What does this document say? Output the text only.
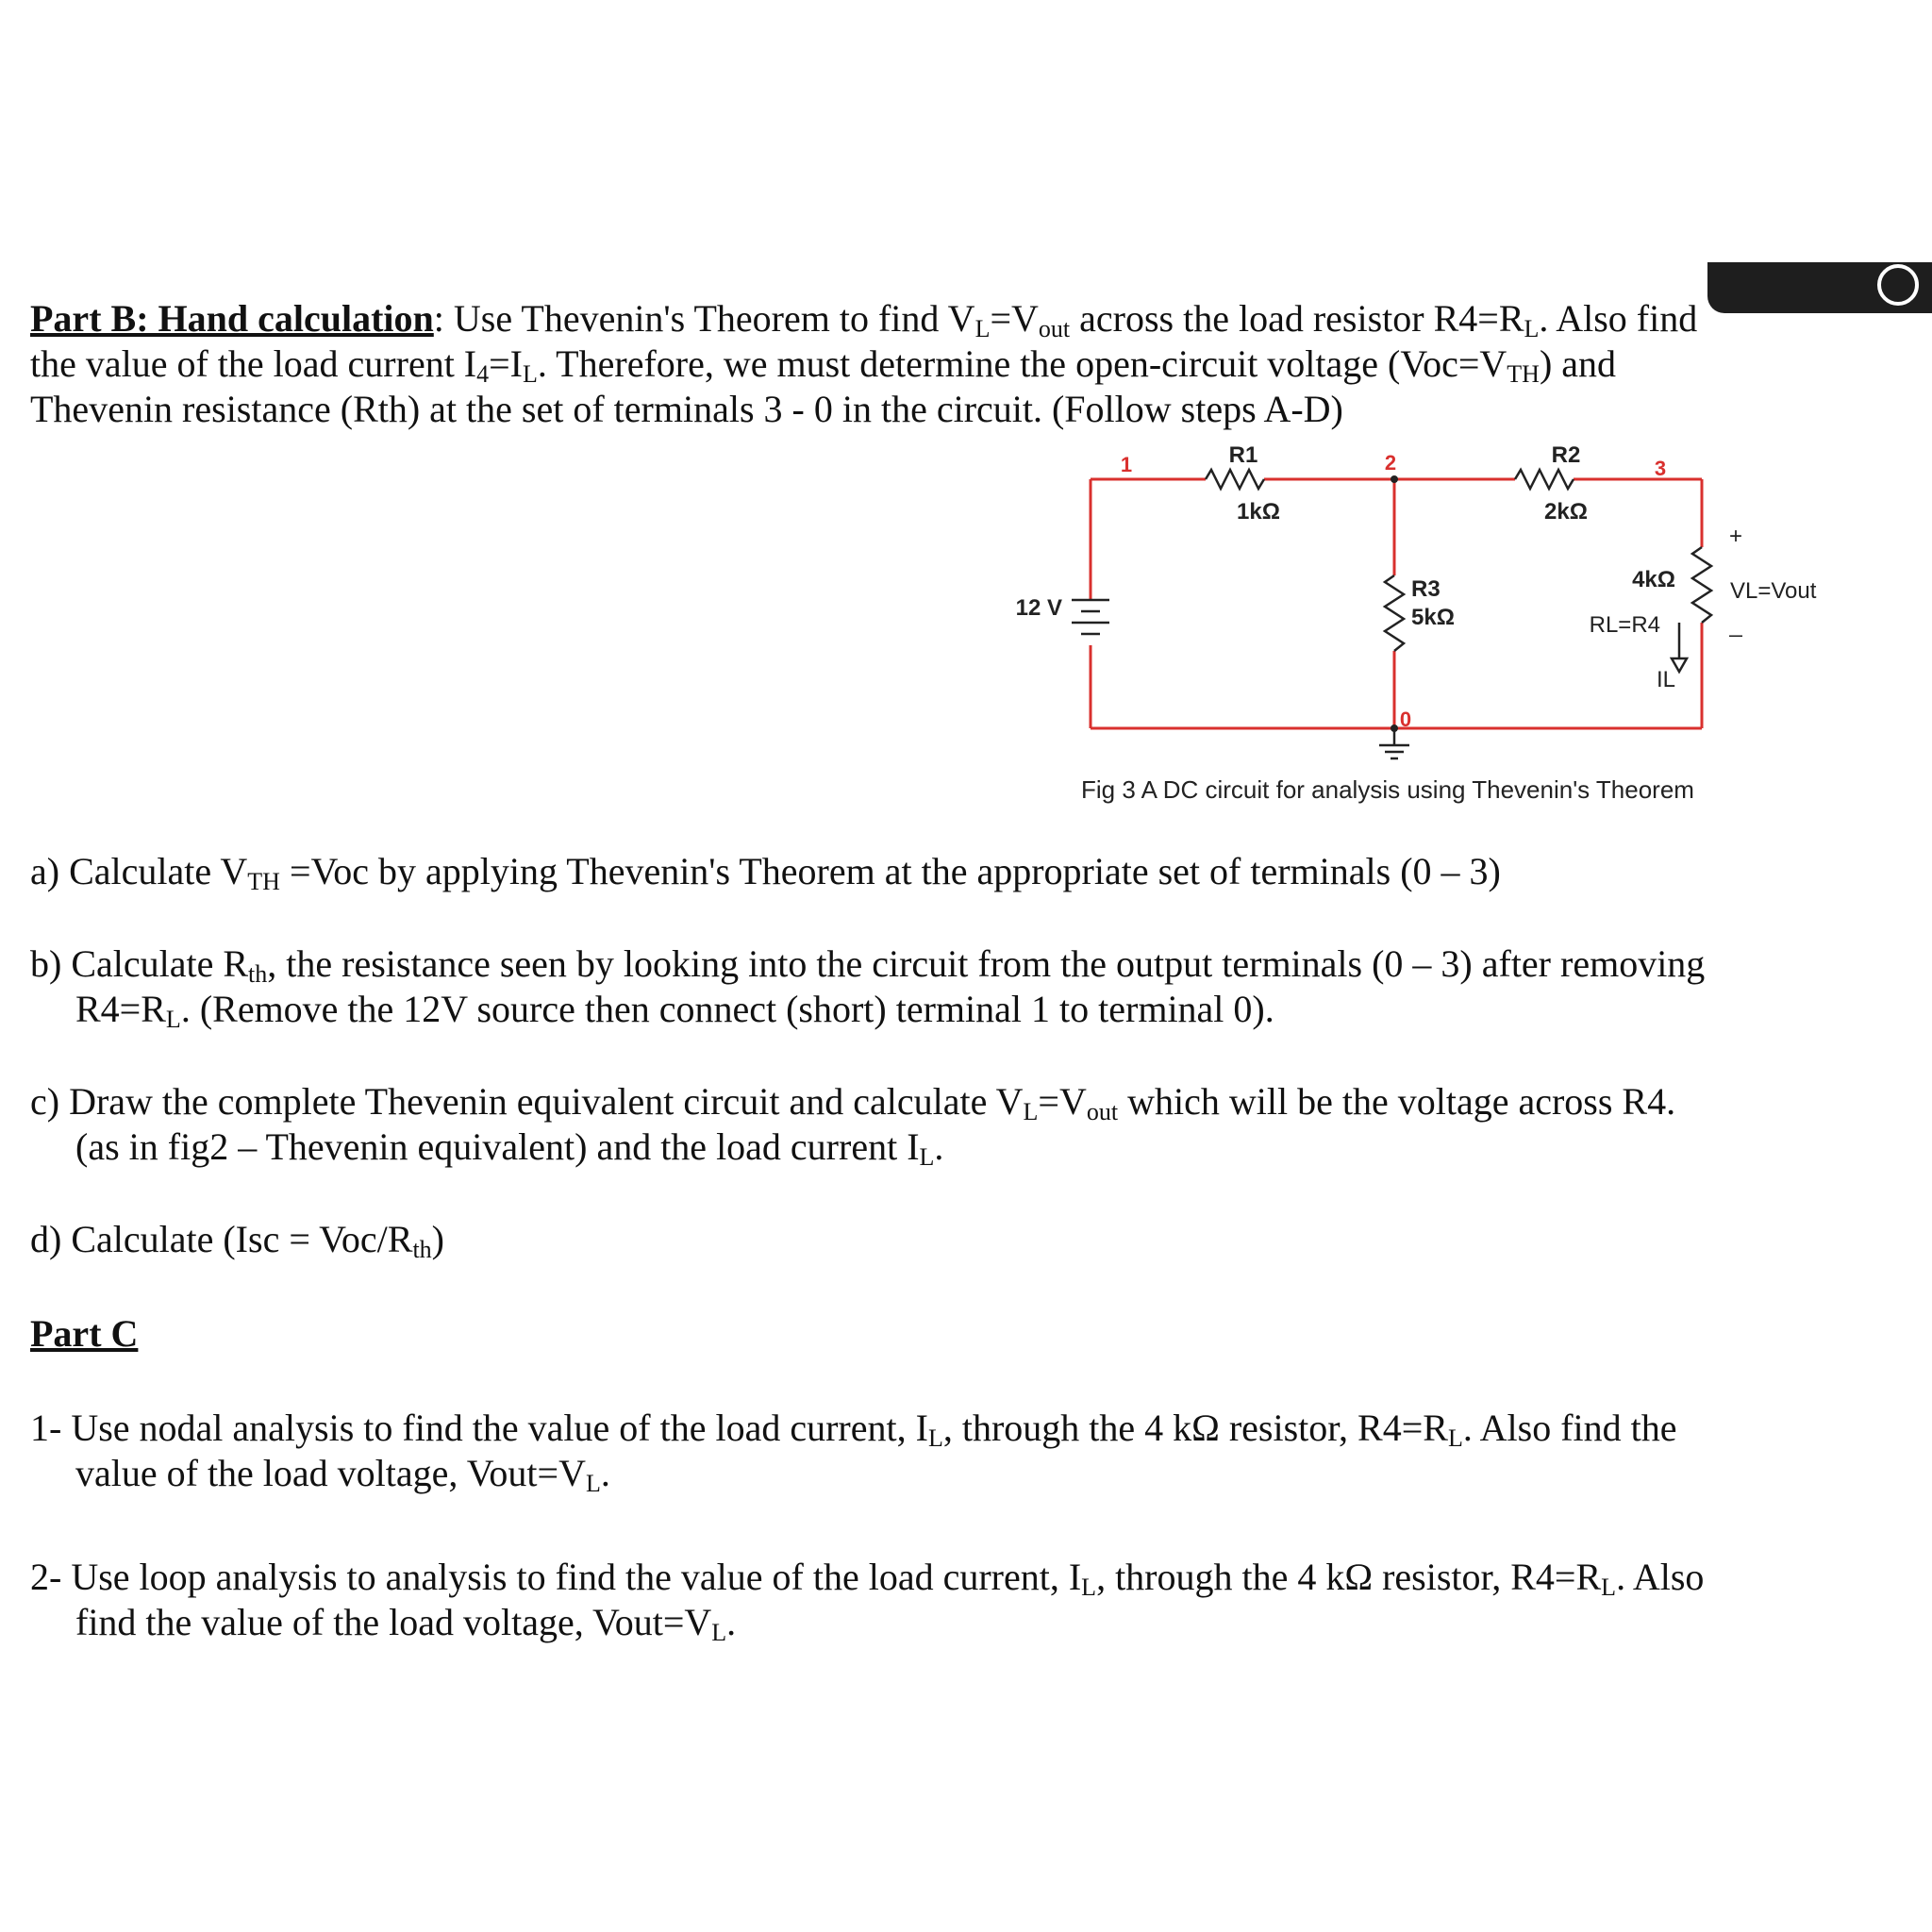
Part B: Hand calculation: Use Thevenin's Theorem to find $V_L=V_{out}$ across the load resistor $R4=R_L$. Also find
the value of the load current $I_4=I_L$. Therefore, we must determine the open-circuit voltage $(Voc=V_{TH})$ and
Thevenin resistance (Rth) at the set of terminals 3 - 0 in the circuit. (Follow steps A-D)
R1
1kΩ
R2
2kΩ
R3
5kΩ
4kΩ
RL=R4
12 V
+
_
VL=Vout
IL
Fig 3 A DC circuit for analysis using Thevenin's Theorem
1	2	3
0
a) Calculate $V_{TH} =Voc$ by applying Thevenin's Theorem at the appropriate set of terminals (0 – 3)
b) Calculate $R_{th}$, the resistance seen by looking into the circuit from the output terminals (0 – 3) after removing
$R4=R_L$. (Remove the 12V source then connect (short) terminal 1 to terminal 0).
c) Draw the complete Thevenin equivalent circuit and calculate $V_L=V_{out}$ which will be the voltage across R4.
(as in fig2 – Thevenin equivalent) and the load current $I_L$.
d) Calculate (Isc = Voc/$R_{th}$)
Part C
1- Use nodal analysis to find the value of the load current, $I_L$, through the 4 kΩ resistor, $R4=R_L$. Also find the
value of the load voltage, $Vout=V_L$.
2- Use loop analysis to analysis to find the value of the load current, $I_L$, through the 4 kΩ resistor, $R4=R_L$. Also
find the value of the load voltage, $Vout=V_L$.
